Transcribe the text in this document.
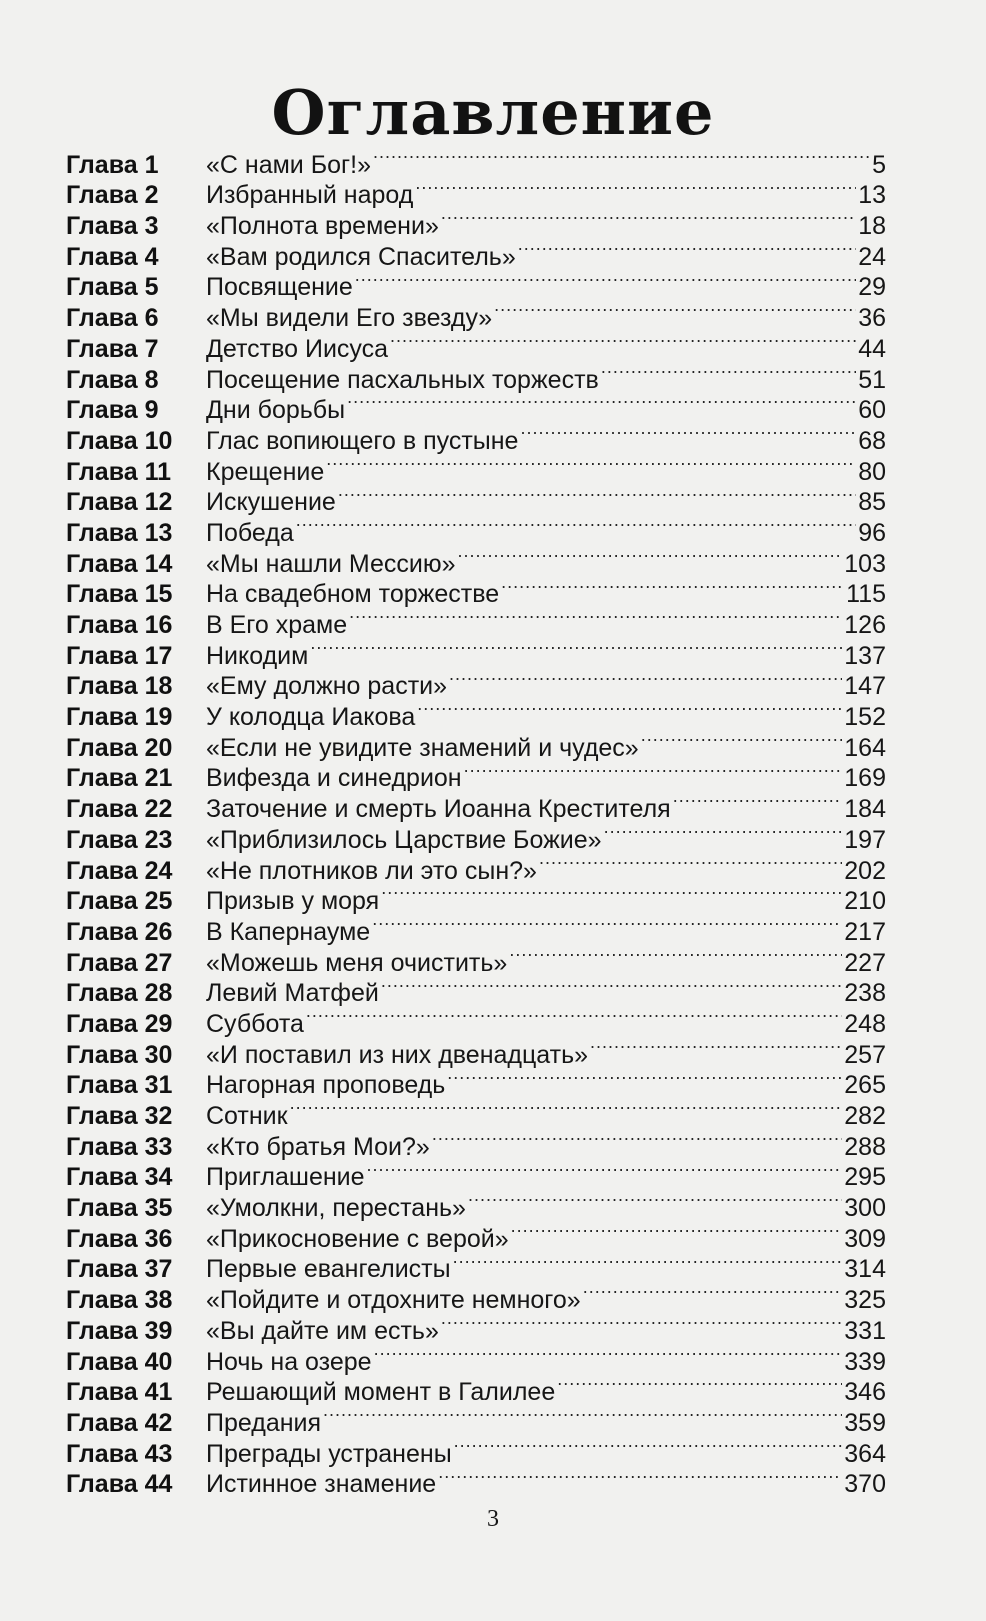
Оглавление
Глава 1	«С нами Бог!» . . .	5
Глава 2	Избранный народ . . .	13
Глава 3	«Полнота времени» . . .	18
Глава 4	«Вам родился Спаситель» . . .	24
Глава 5	Посвящение . . .	29
Глава 6	«Мы видели Его звезду» . . .	36
Глава 7	Детство Иисуса . . .	44
Глава 8	Посещение пасхальных торжеств . . .	51
Глава 9	Дни борьбы . . .	60
Глава 10	Глас вопиющего в пустыне . . .	68
Глава 11	Крещение . . .	80
Глава 12	Искушение . . .	85
Глава 13	Победа . . .	96
Глава 14	«Мы нашли Мессию» . . .	103
Глава 15	На свадебном торжестве . . .	115
Глава 16	В Его храме . . .	126
Глава 17	Никодим . . .	137
Глава 18	«Ему должно расти» . . .	147
Глава 19	У колодца Иакова . . .	152
Глава 20	«Если не увидите знамений и чудес» . . .	164
Глава 21	Вифезда и синедрион . . .	169
Глава 22	Заточение и смерть Иоанна Крестителя . . .	184
Глава 23	«Приблизилось Царствие Божие» . . .	197
Глава 24	«Не плотников ли это сын?» . . .	202
Глава 25	Призыв у моря . . .	210
Глава 26	В Капернауме . . .	217
Глава 27	«Можешь меня очистить» . . .	227
Глава 28	Левий Матфей . . .	238
Глава 29	Суббота . . .	248
Глава 30	«И поставил из них двенадцать» . . .	257
Глава 31	Нагорная проповедь . . .	265
Глава 32	Сотник . . .	282
Глава 33	«Кто братья Мои?» . . .	288
Глава 34	Приглашение . . .	295
Глава 35	«Умолкни, перестань» . . .	300
Глава 36	«Прикосновение с верой» . . .	309
Глава 37	Первые евангелисты . . .	314
Глава 38	«Пойдите и отдохните немного» . . .	325
Глава 39	«Вы дайте им есть» . . .	331
Глава 40	Ночь на озере . . .	339
Глава 41	Решающий момент в Галилее . . .	346
Глава 42	Предания . . .	359
Глава 43	Преграды устранены . . .	364
Глава 44	Истинное знамение . . .	370
3
